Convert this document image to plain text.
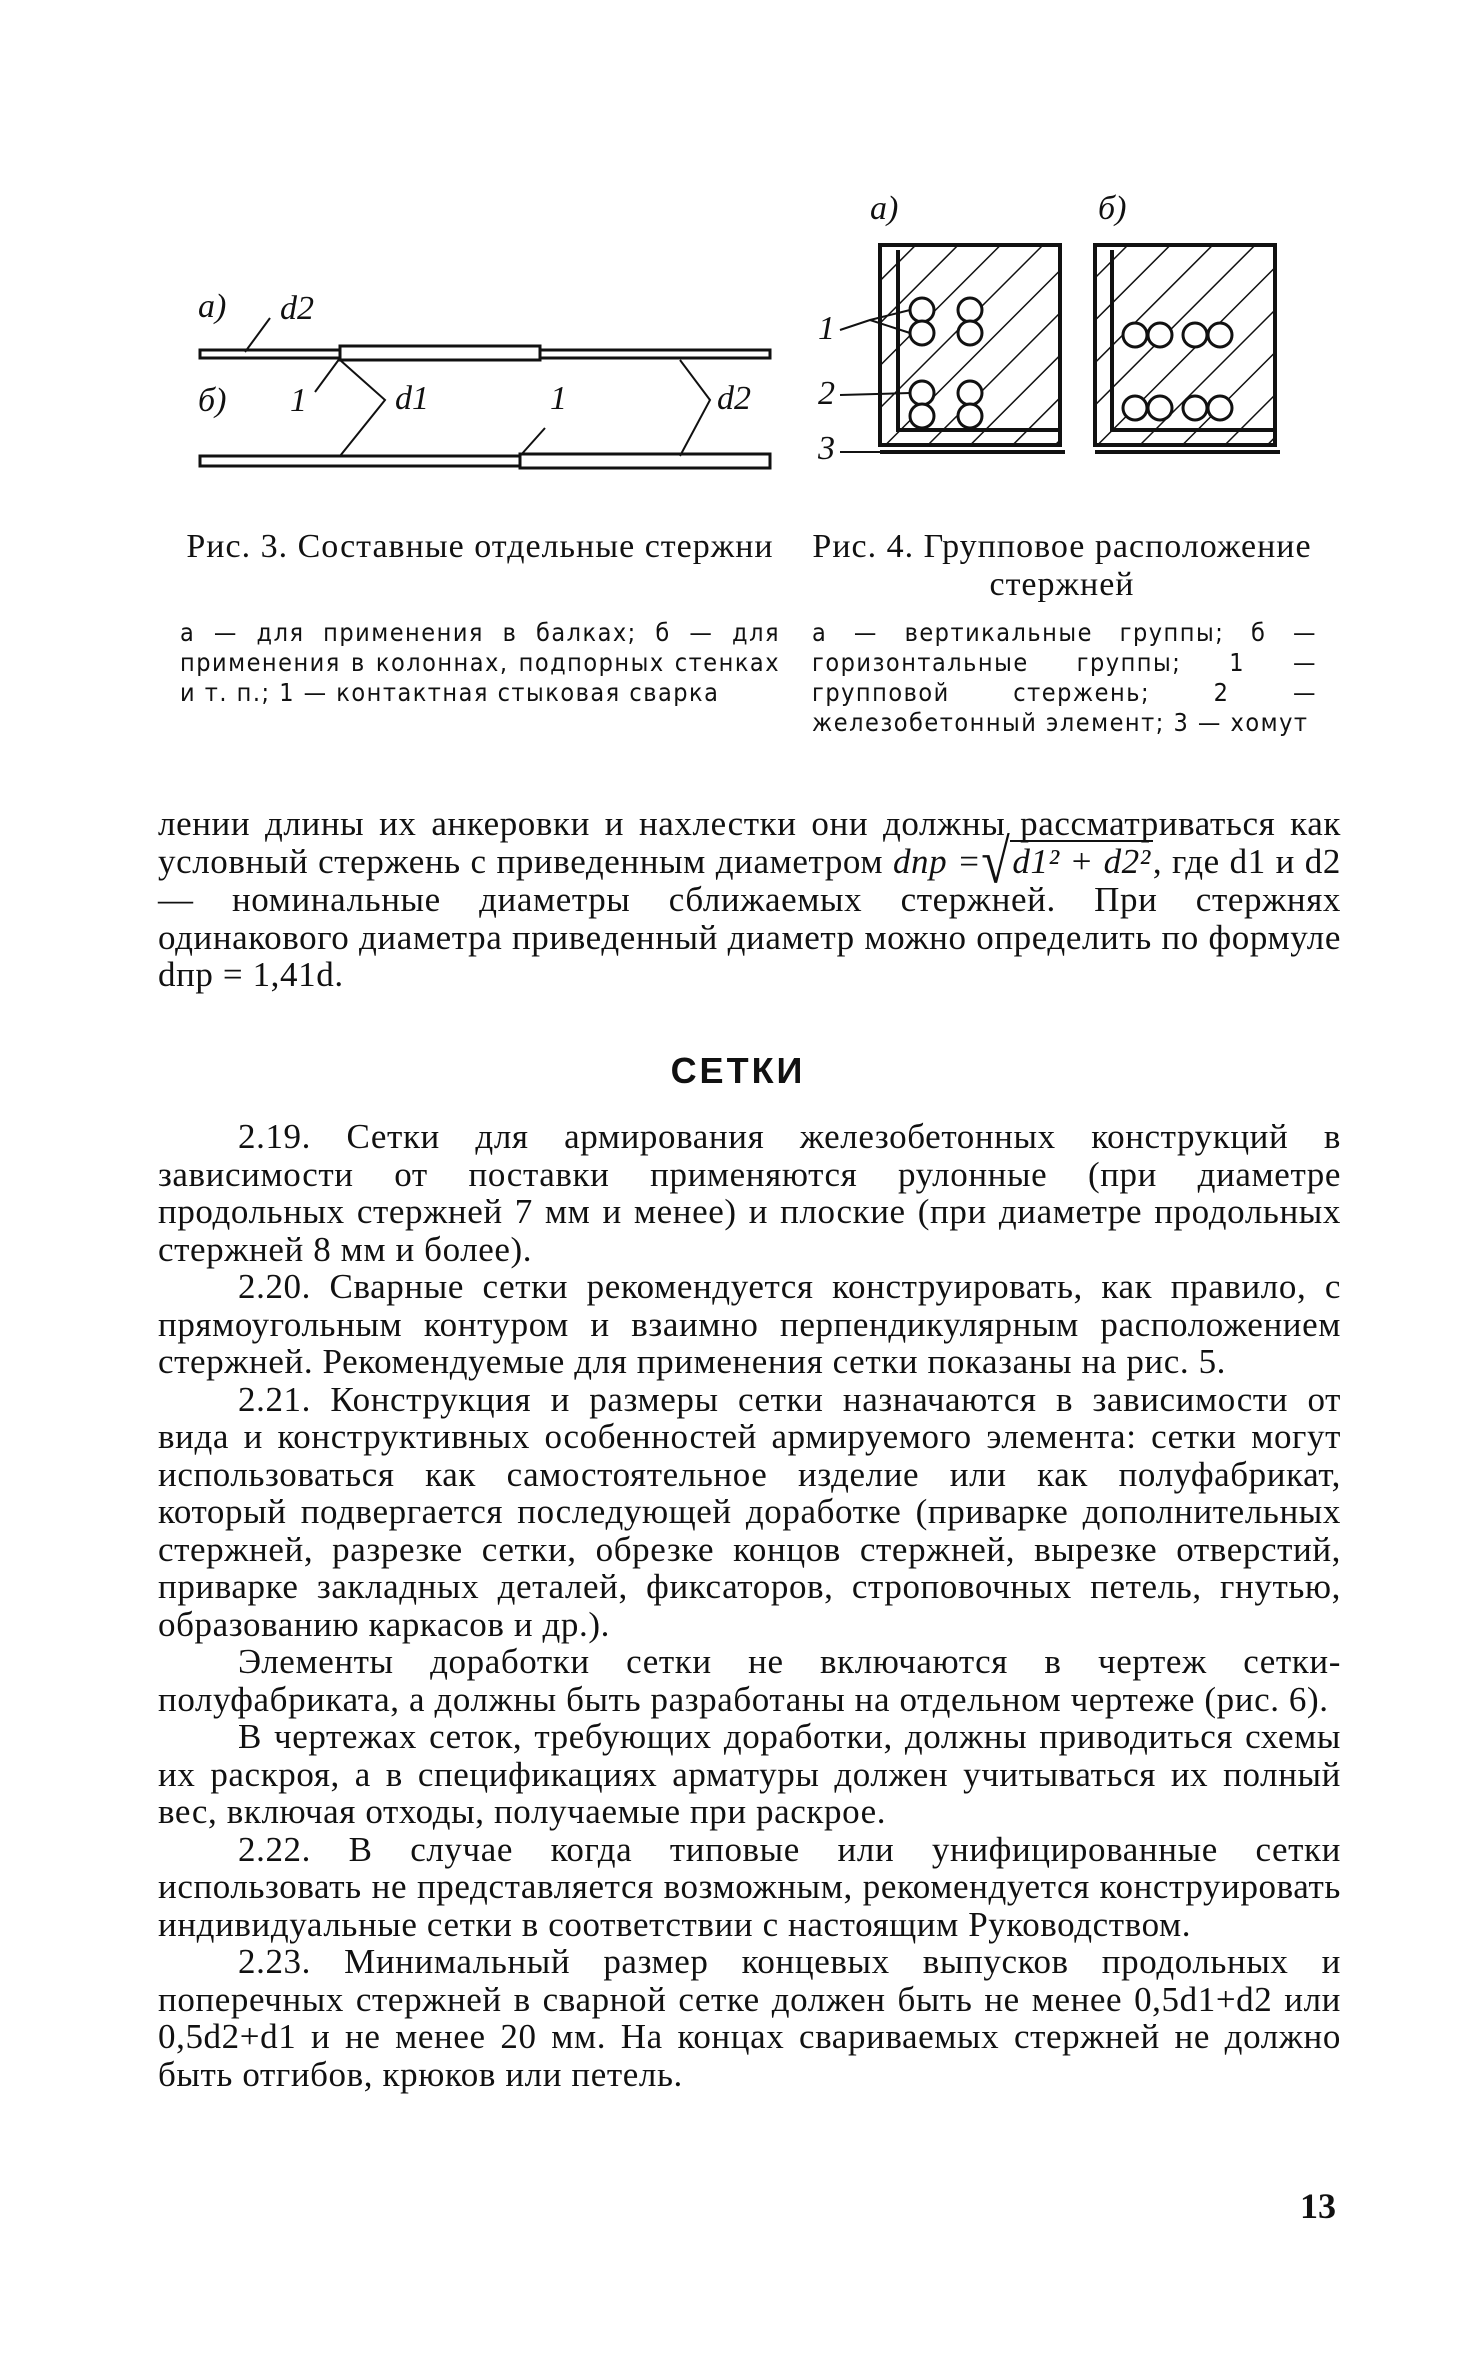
а) d2
б) 1	d1	1	d2
Рис. 3. Составные отдельные стержни
а — для применения в балках; б — для применения в колоннах, подпорных стенках и т. п.; 1 — контактная стыковая сварка
а)	б)
1
2
3
Рис. 4. Групповое расположение стержней
а — вертикальные группы; б — горизонтальные группы; 1 — групповой стержень; 2 — железобетонный элемент; 3 — хомут

лении длины их анкеровки и нахлестки они должны рассматриваться как условный стержень с приведенным диаметром dпр =√d1² + d2², где d1 и d2 — номинальные диаметры сближаемых стержней. При стержнях одинакового диаметра приведенный диаметр можно определить по формуле dпр = 1,41d.

СЕТКИ

2.19. Сетки для армирования железобетонных конструкций в зависимости от поставки применяются рулонные (при диаметре продольных стержней 7 мм и менее) и плоские (при диаметре продольных стержней 8 мм и более).

2.20. Сварные сетки рекомендуется конструировать, как правило, с прямоугольным контуром и взаимно перпендикулярным расположением стержней. Рекомендуемые для применения сетки показаны на рис. 5.

2.21. Конструкция и размеры сетки назначаются в зависимости от вида и конструктивных особенностей армируемого элемента: сетки могут использоваться как самостоятельное изделие или как полуфабрикат, который подвергается последующей доработке (приварке дополнительных стержней, разрезке сетки, обрезке концов стержней, вырезке отверстий, приварке закладных деталей, фиксаторов, строповочных петель, гнутью, образованию каркасов и др.).

Элементы доработки сетки не включаются в чертеж сетки-полуфабриката, а должны быть разработаны на отдельном чертеже (рис. 6).

В чертежах сеток, требующих доработки, должны приводиться схемы их раскроя, а в спецификациях арматуры должен учитываться их полный вес, включая отходы, получаемые при раскрое.

2.22. В случае когда типовые или унифицированные сетки использовать не представляется возможным, рекомендуется конструировать индивидуальные сетки в соответствии с настоящим Руководством.

2.23. Минимальный размер концевых выпусков продольных и поперечных стержней в сварной сетке должен быть не менее 0,5d1+d2 или 0,5d2+d1 и не менее 20 мм. На концах свариваемых стержней не должно быть отгибов, крюков или петель.

13
